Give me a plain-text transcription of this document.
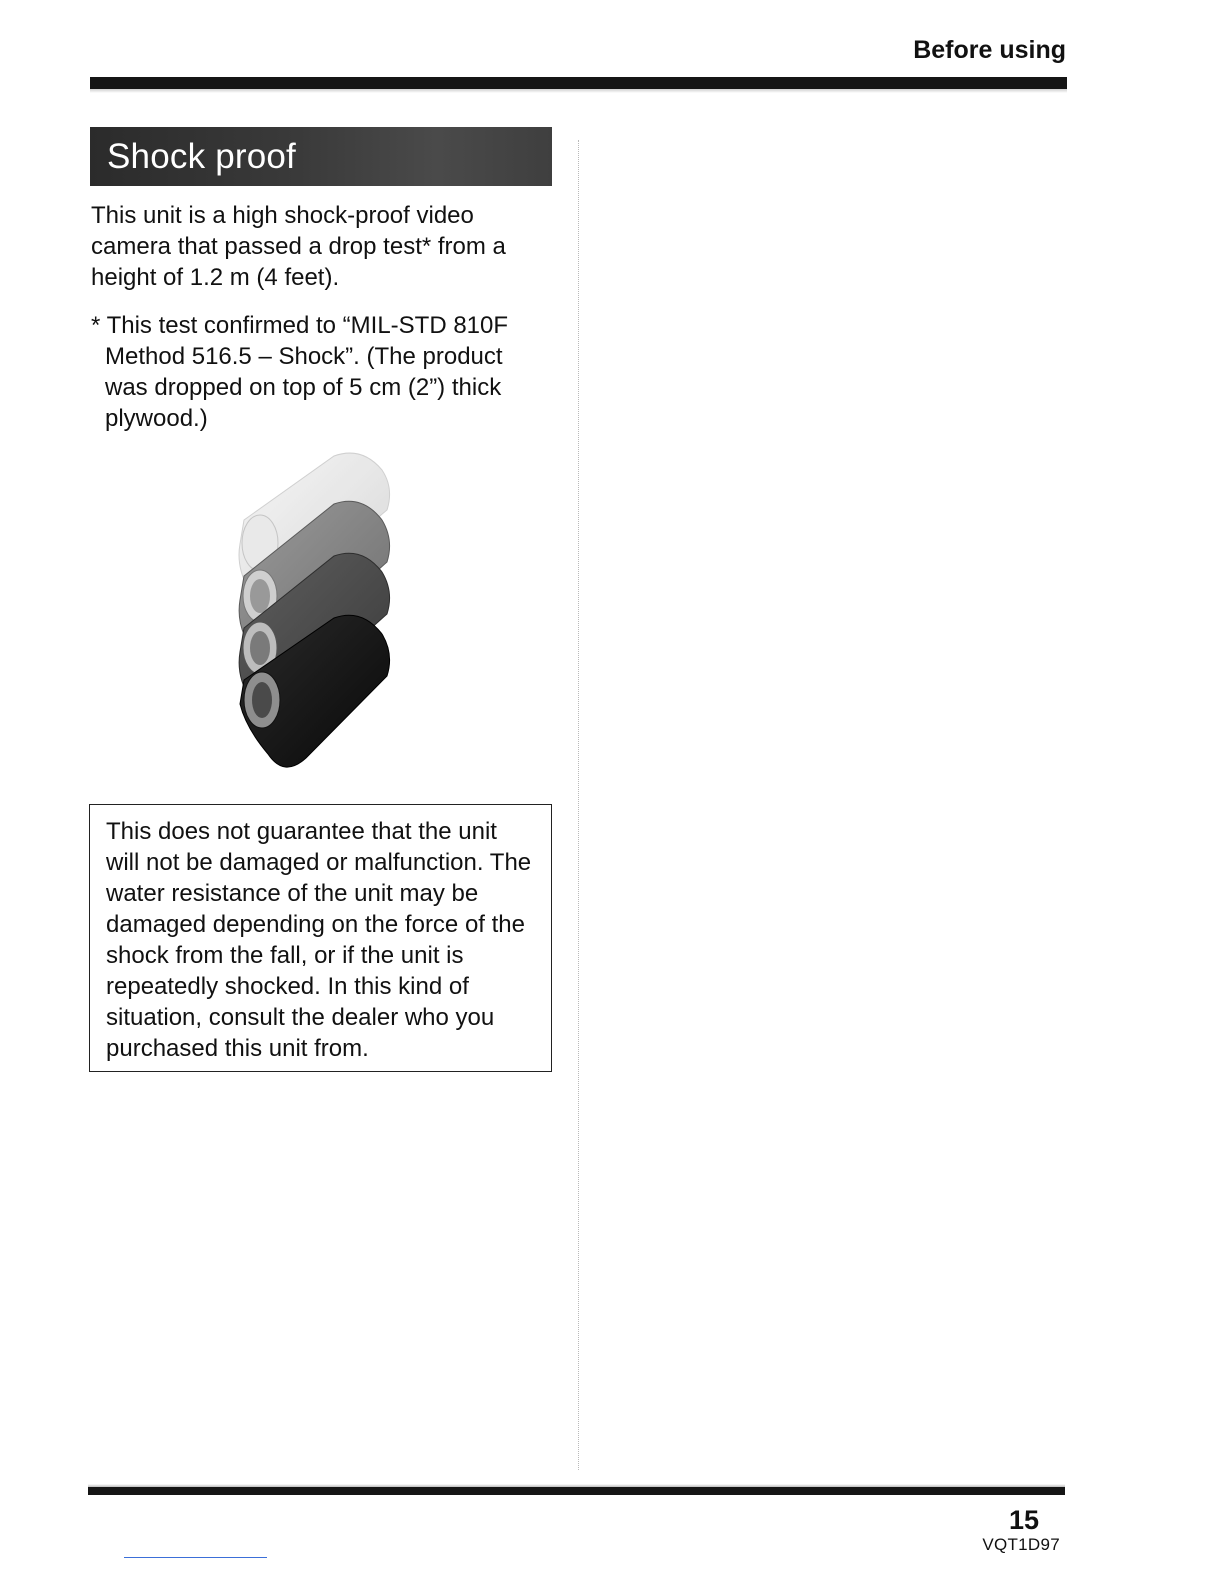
Before using
Shock proof

This unit is a high shock-proof video camera that passed a drop test* from a height of 1.2 m (4 feet).

* This test confirmed to “MIL-STD 810F Method 516.5 – Shock”. (The product was dropped on top of 5 cm (2”) thick plywood.)

This does not guarantee that the unit will not be damaged or malfunction. The water resistance of the unit may be damaged depending on the force of the shock from the fall, or if the unit is repeatedly shocked. In this kind of situation, consult the dealer who you purchased this unit from.
15
VQT1D97
